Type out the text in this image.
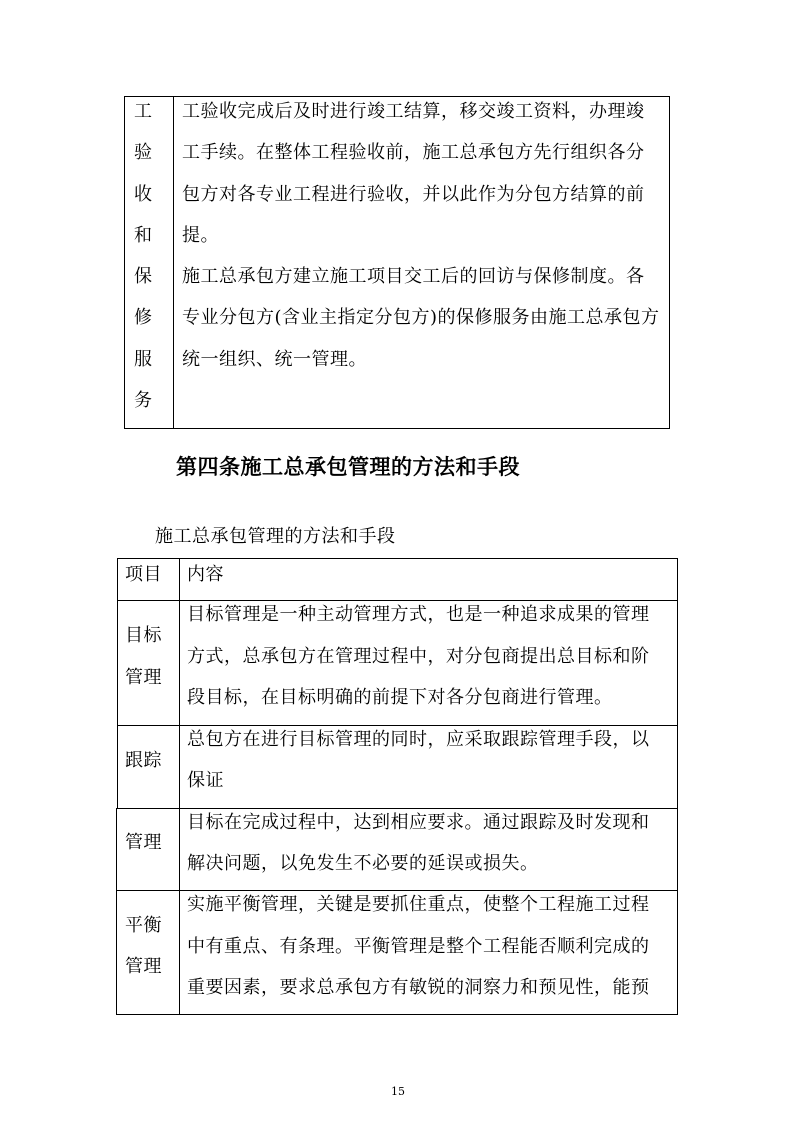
工
验
收
和
保
修
服
务
工验收完成后及时进行竣工结算，移交竣工资料，办理竣
工手续。在整体工程验收前，施工总承包方先行组织各分
包方对各专业工程进行验收，并以此作为分包方结算的前
提。
施工总承包方建立施工项目交工后的回访与保修制度。各
专业分包方(含业主指定分包方)的保修服务由施工总承包方
统一组织、统一管理。
第四条施工总承包管理的方法和手段
施工总承包管理的方法和手段
项目 内容
目标
管理
目标管理是一种主动管理方式，也是一种追求成果的管理
方式，总承包方在管理过程中，对分包商提出总目标和阶
段目标，在目标明确的前提下对各分包商进行管理。
跟踪
总包方在进行目标管理的同时，应采取跟踪管理手段，以
保证
管理
目标在完成过程中，达到相应要求。通过跟踪及时发现和
解决问题，以免发生不必要的延误或损失。
平衡
管理
实施平衡管理，关键是要抓住重点，使整个工程施工过程
中有重点、有条理。平衡管理是整个工程能否顺利完成的
重要因素，要求总承包方有敏锐的洞察力和预见性，能预
15
